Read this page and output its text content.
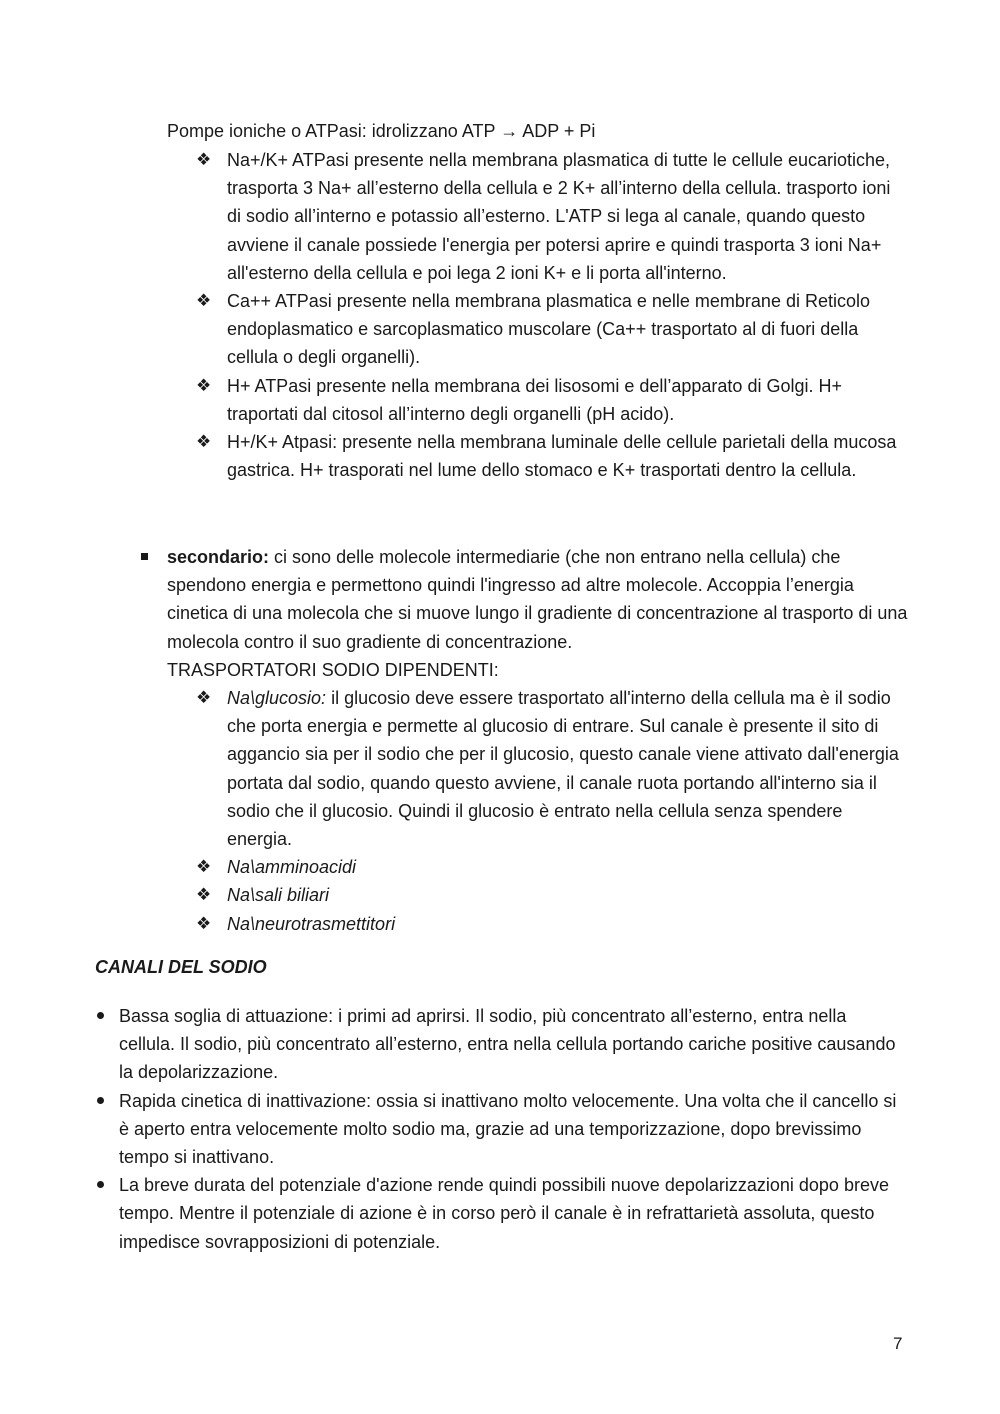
Pompe ioniche o ATPasi: idrolizzano ATP → ADP + Pi
❖ Na+/K+ ATPasi presente nella membrana plasmatica di tutte le cellule eucariotiche, trasporta 3 Na+ all’esterno della cellula e 2 K+ all’interno della cellula. trasporto ioni di sodio all’interno e potassio all’esterno. L'ATP si lega al canale, quando questo avviene il canale possiede l'energia per potersi aprire e quindi trasporta 3 ioni Na+ all'esterno della cellula e poi lega 2 ioni K+ e li porta all'interno.
❖ Ca++ ATPasi presente nella membrana plasmatica e nelle membrane di Reticolo endoplasmatico e sarcoplasmatico muscolare (Ca++ trasportato al di fuori della cellula o degli organelli).
❖ H+ ATPasi presente nella membrana dei lisosomi e dell’apparato di Golgi. H+ traportati dal citosol all’interno degli organelli (pH acido).
❖ H+/K+ Atpasi: presente nella membrana luminale delle cellule parietali della mucosa gastrica. H+ trasporati nel lume dello stomaco e K+ trasportati dentro la cellula.
secondario: ci sono delle molecole intermediarie (che non entrano nella cellula) che spendono energia e permettono quindi l'ingresso ad altre molecole. Accoppia l’energia cinetica di una molecola che si muove lungo il gradiente di concentrazione al trasporto di una molecola contro il suo gradiente di concentrazione.
TRASPORTATORI SODIO DIPENDENTI:
❖ Na\glucosio: il glucosio deve essere trasportato all'interno della cellula ma è il sodio che porta energia e permette al glucosio di entrare. Sul canale è presente il sito di aggancio sia per il sodio che per il glucosio, questo canale viene attivato dall'energia portata dal sodio, quando questo avviene, il canale ruota portando all'interno sia il sodio che il glucosio. Quindi il glucosio è entrato nella cellula senza spendere energia.
❖ Na\amminoacidi
❖ Na\sali biliari
❖ Na\neurotrasmettitori
CANALI DEL SODIO
Bassa soglia di attuazione: i primi ad aprirsi. Il sodio, più concentrato all’esterno, entra nella cellula. Il sodio, più concentrato all’esterno, entra nella cellula portando cariche positive causando la depolarizzazione.
Rapida cinetica di inattivazione: ossia si inattivano molto velocemente. Una volta che il cancello si è aperto entra velocemente molto sodio ma, grazie ad una temporizzazione, dopo brevissimo tempo si inattivano.
La breve durata del potenziale d'azione rende quindi possibili nuove depolarizzazioni dopo breve tempo. Mentre il potenziale di azione è in corso però il canale è in refrattarietà assoluta, questo impedisce sovrapposizioni di potenziale.
7
